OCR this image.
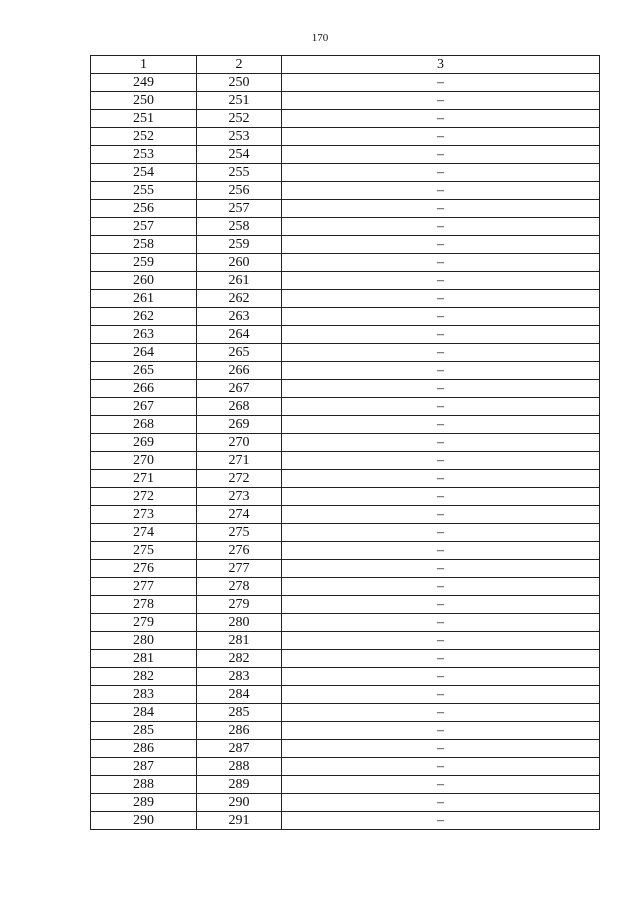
170
1	2	3
249	250	–
250	251	–
251	252	–
252	253	–
253	254	–
254	255	–
255	256	–
256	257	–
257	258	–
258	259	–
259	260	–
260	261	–
261	262	–
262	263	–
263	264	–
264	265	–
265	266	–
266	267	–
267	268	–
268	269	–
269	270	–
270	271	–
271	272	–
272	273	–
273	274	–
274	275	–
275	276	–
276	277	–
277	278	–
278	279	–
279	280	–
280	281	–
281	282	–
282	283	–
283	284	–
284	285	–
285	286	–
286	287	–
287	288	–
288	289	–
289	290	–
290	291	–
